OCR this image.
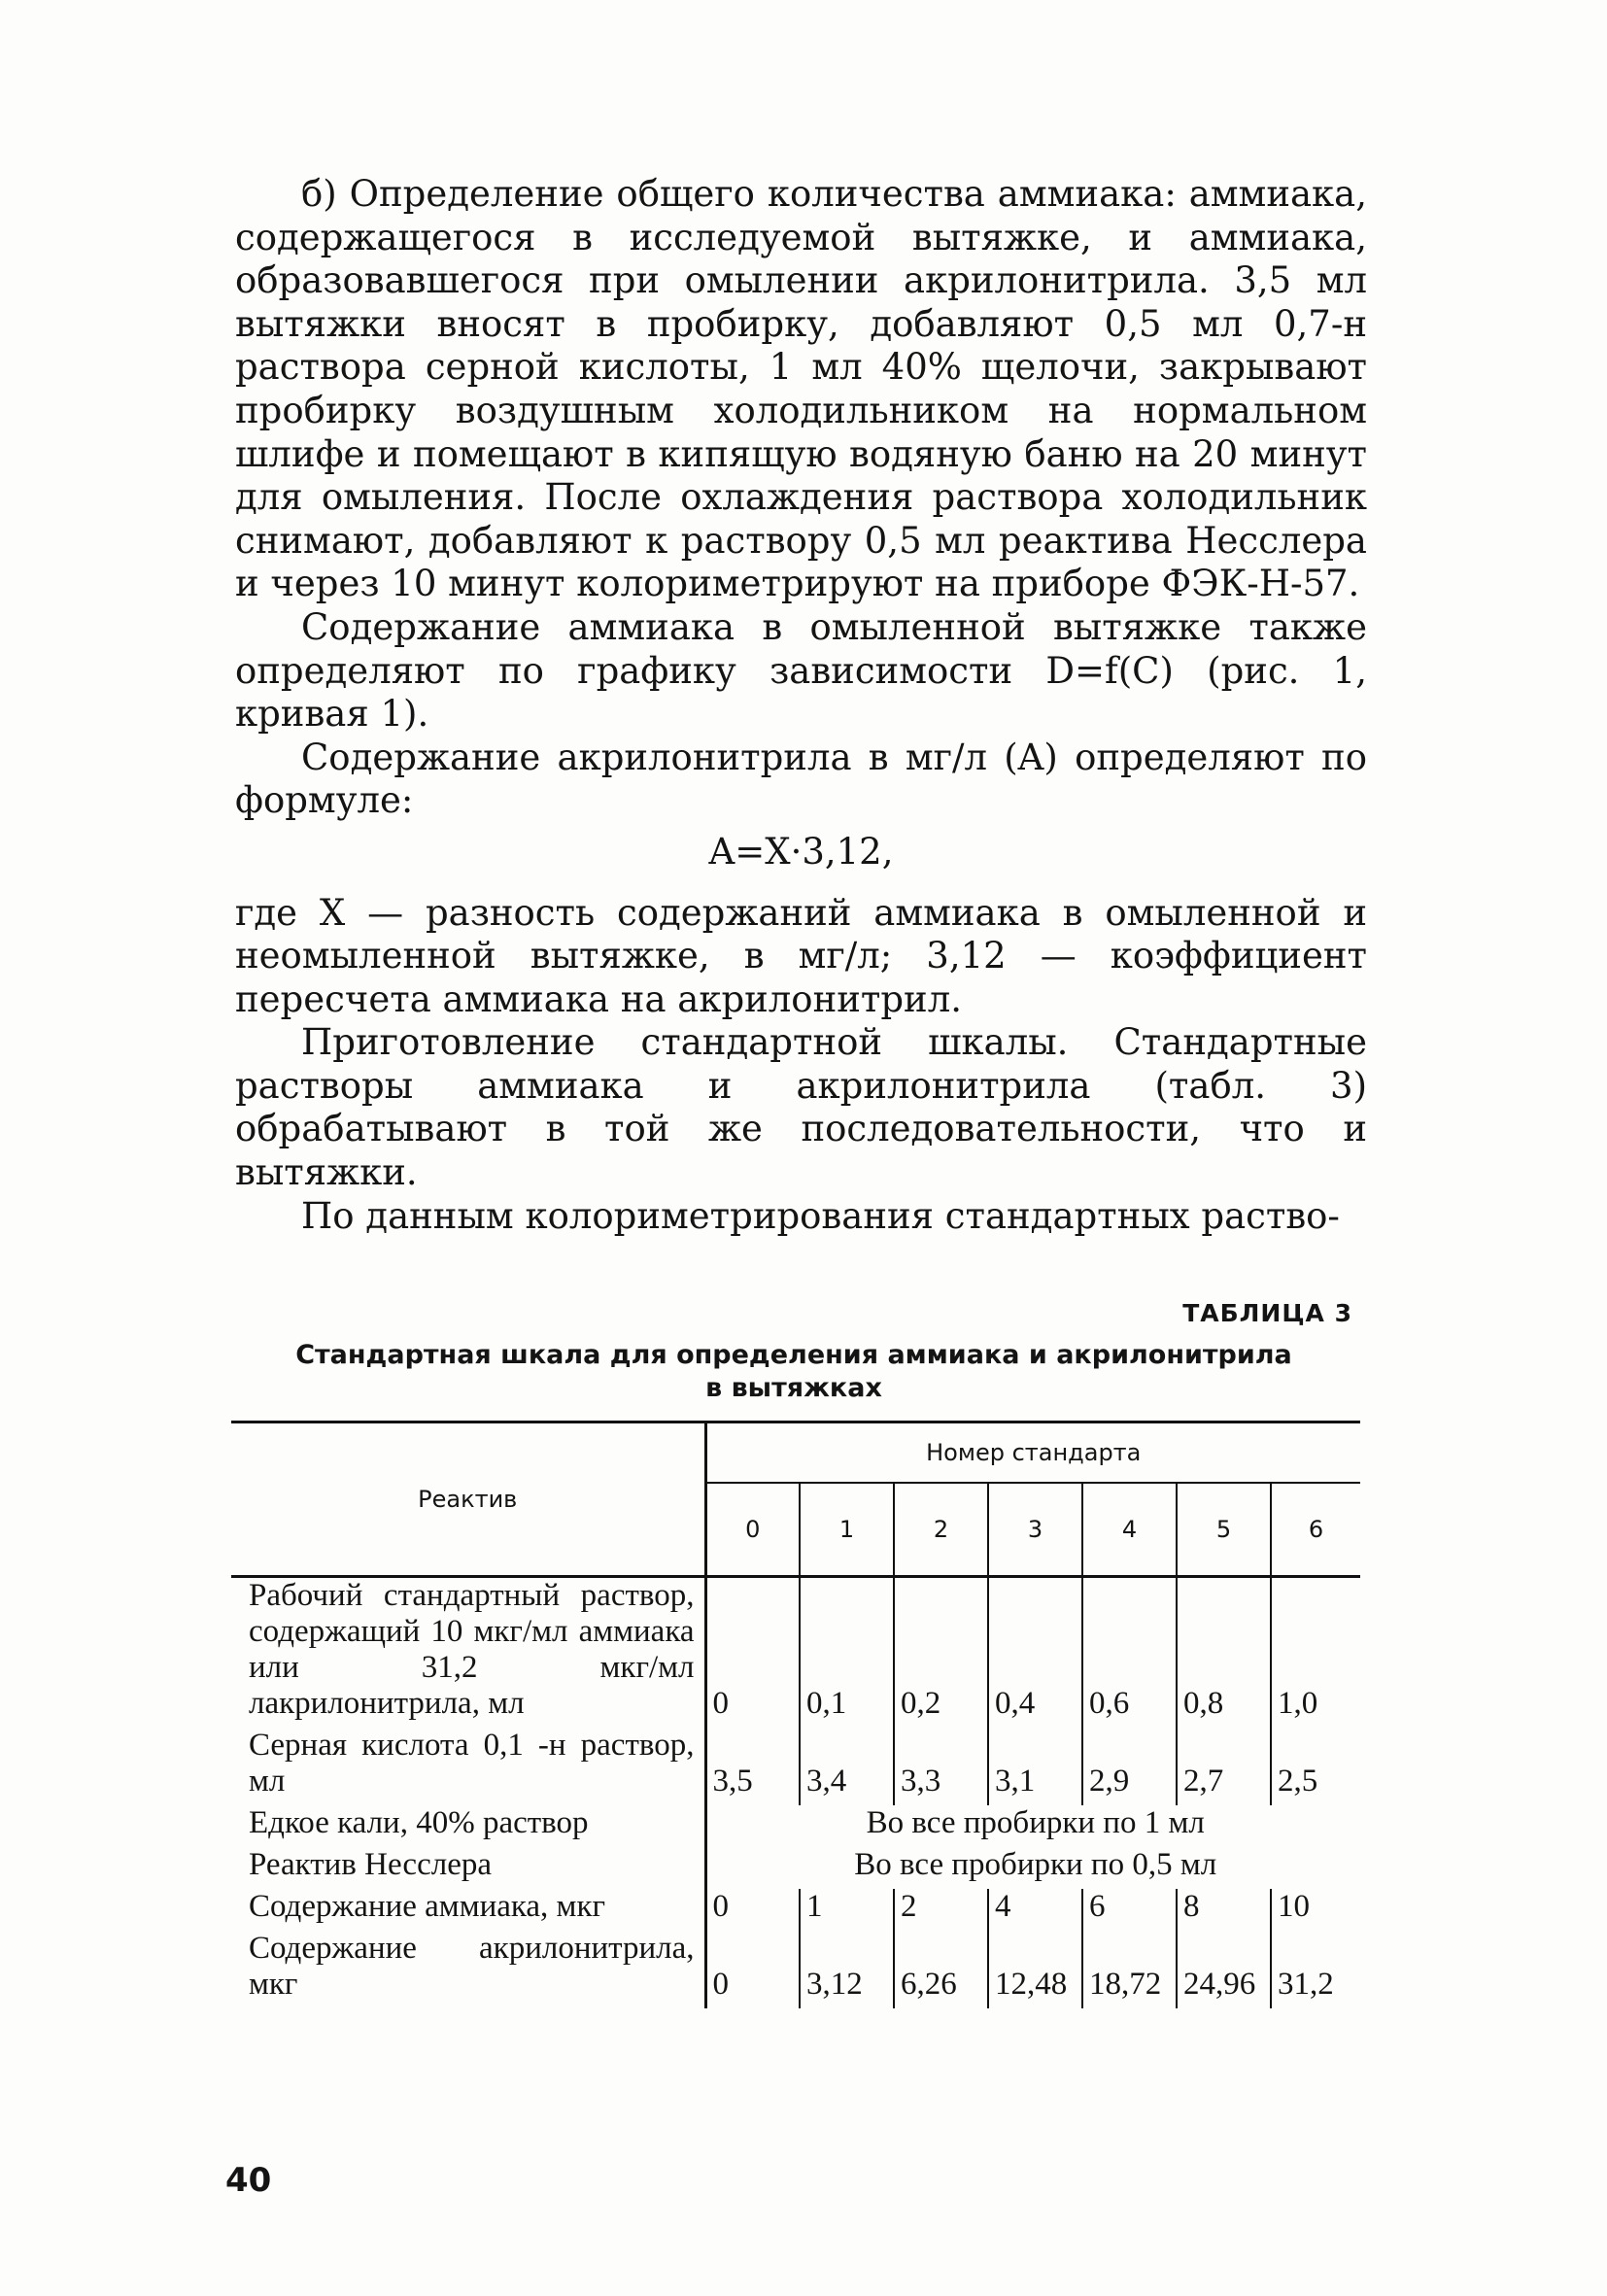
б) Определение общего количества аммиака: аммиака, содержащегося в исследуемой вытяжке, и аммиака, образовавшегося при омылении акрилонитрила. 3,5 мл вытяжки вносят в пробирку, добавляют 0,5 мл 0,7-н раствора серной кислоты, 1 мл 40% щелочи, закрывают пробирку воздушным холодильником на нормальном шлифе и помещают в кипящую водяную баню на 20 минут для омыления. После охлаждения раствора холодильник снимают, добавляют к раствору 0,5 мл реактива Несслера и через 10 минут колориметрируют на приборе ФЭК-Н-57.

Содержание аммиака в омыленной вытяжке также определяют по графику зависимости D=f(C) (рис. 1, кривая 1).

Содержание акрилонитрила в мг/л (A) определяют по формуле:

A=X·3,12,

где X — разность содержаний аммиака в омыленной и неомыленной вытяжке, в мг/л; 3,12 — коэффициент пересчета аммиака на акрилонитрил.

Приготовление стандартной шкалы. Стандартные растворы аммиака и акрилонитрила (табл. 3) обрабатывают в той же последовательности, что и вытяжки.

По данным колориметрирования стандартных раство-

ТАБЛИЦА 3
Стандартная шкала для определения аммиака и акрилонитрила
в вытяжках
Реактив	Номер стандарта						
	0	1	2	3	4	5	6
Рабочий стандартный раствор, содержащий 10 мкг/мл аммиака или 31,2 мкг/мл лакрилонитрила, мл	0	0,1	0,2	0,4	0,6	0,8	1,0
Серная кислота 0,1 -н раствор, мл	3,5	3,4	3,3	3,1	2,9	2,7	2,5
Едкое кали, 40% раствор	Во все пробирки по 1 мл						
Реактив Несслера	Во все пробирки по 0,5 мл						
Содержание аммиака, мкг	0	1	2	4	6	8	10
Содержание акрилонитрила, мкг	0	3,12	6,26	12,48	18,72	24,96	31,2
40
